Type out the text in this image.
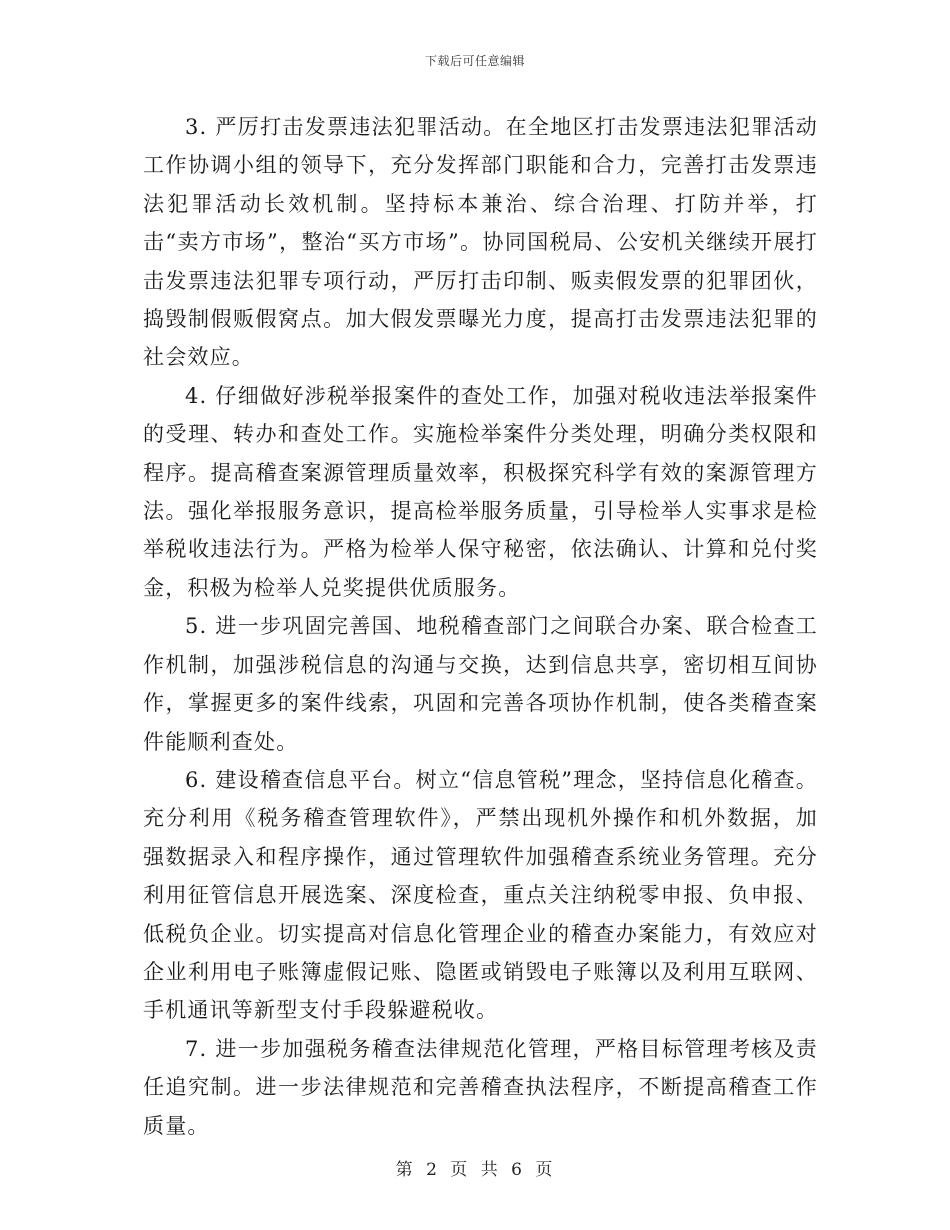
下载后可任意编辑

3. 严厉打击发票违法犯罪活动。在全地区打击发票违法犯罪活动工作协调小组的领导下，充分发挥部门职能和合力，完善打击发票违法犯罪活动长效机制。坚持标本兼治、综合治理、打防并举，打击“卖方市场”，整治“买方市场”。协同国税局、公安机关继续开展打击发票违法犯罪专项行动，严厉打击印制、贩卖假发票的犯罪团伙，捣毁制假贩假窝点。加大假发票曝光力度，提高打击发票违法犯罪的社会效应。

4. 仔细做好涉税举报案件的查处工作，加强对税收违法举报案件的受理、转办和查处工作。实施检举案件分类处理，明确分类权限和程序。提高稽查案源管理质量效率，积极探究科学有效的案源管理方法。强化举报服务意识，提高检举服务质量，引导检举人实事求是检举税收违法行为。严格为检举人保守秘密，依法确认、计算和兑付奖金，积极为检举人兑奖提供优质服务。

5. 进一步巩固完善国、地税稽查部门之间联合办案、联合检查工作机制，加强涉税信息的沟通与交换，达到信息共享，密切相互间协作，掌握更多的案件线索，巩固和完善各项协作机制，使各类稽查案件能顺利查处。

6. 建设稽查信息平台。树立“信息管税”理念，坚持信息化稽查。充分利用《税务稽查管理软件》，严禁出现机外操作和机外数据，加强数据录入和程序操作，通过管理软件加强稽查系统业务管理。充分利用征管信息开展选案、深度检查，重点关注纳税零申报、负申报、低税负企业。切实提高对信息化管理企业的稽查办案能力，有效应对企业利用电子账簿虚假记账、隐匿或销毁电子账簿以及利用互联网、手机通讯等新型支付手段躲避税收。

7. 进一步加强税务稽查法律规范化管理，严格目标管理考核及责任追究制。进一步法律规范和完善稽查执法程序，不断提高稽查工作质量。

第 2 页 共 6 页
